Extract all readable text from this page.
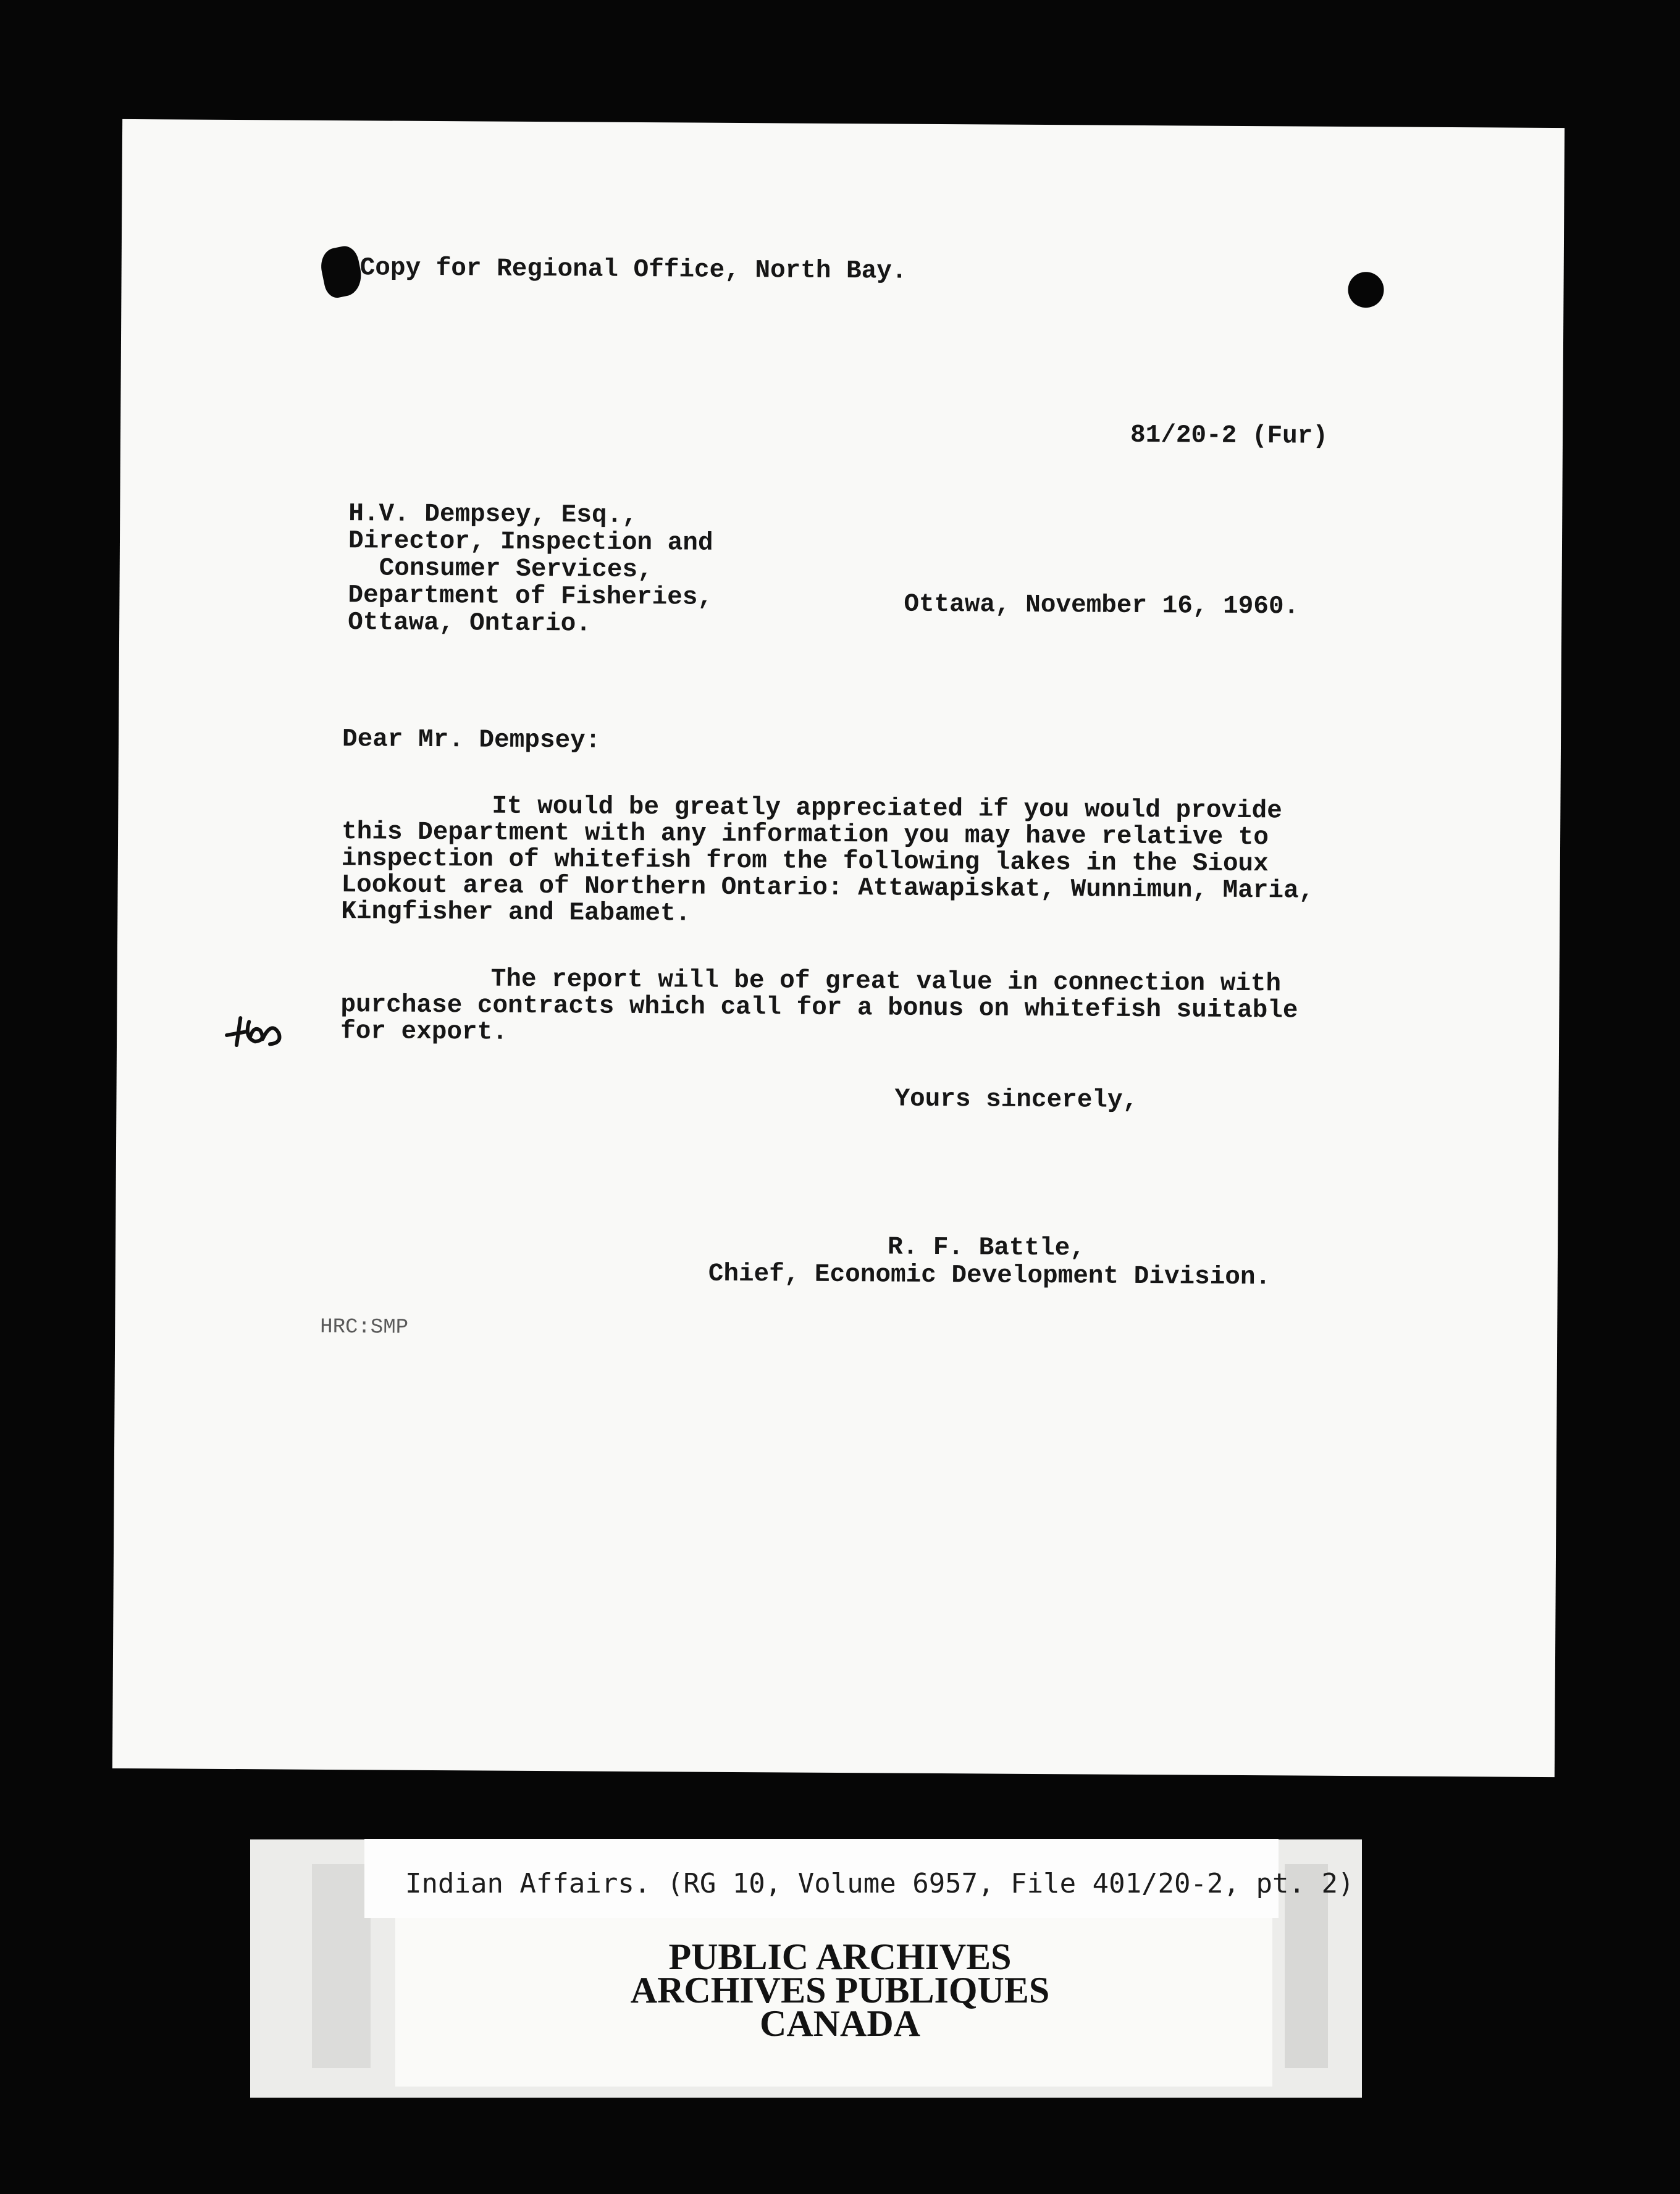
Copy for Regional Office, North Bay.
81/20-2 (Fur)
H.V. Dempsey, Esq.,
Director, Inspection and
Consumer Services,
Department of Fisheries,
Ottawa, Ontario.
Ottawa, November 16, 1960.
Dear Mr. Dempsey:
It would be greatly appreciated if you would provide
this Department with any information you may have relative to
inspection of whitefish from the following lakes in the Sioux
Lookout area of Northern Ontario: Attawapiskat, Wunnimun, Maria,
Kingfisher and Eabamet.
The report will be of great value in connection with
purchase contracts which call for a bonus on whitefish suitable
for export.
Yours sincerely,
R. F. Battle,
Chief, Economic Development Division.
HRC:SMP
Indian Affairs. (RG 10, Volume 6957, File 401/20-2, pt. 2)
PUBLIC ARCHIVES
ARCHIVES PUBLIQUES
CANADA
